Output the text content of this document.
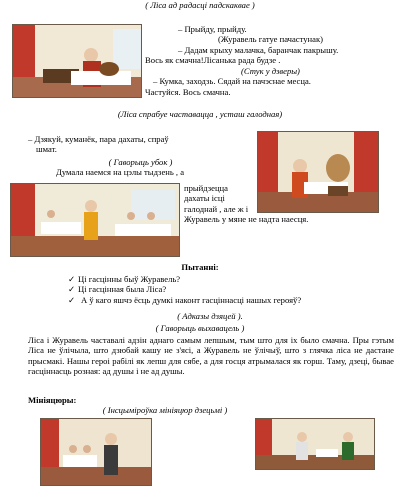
( Ліса ад радасці падскаквае )
– Прыйду, прыйду.
(Журавель гатуе пачастунак)
– Дадам крыху малачка, баранчак пакрышу.
Вось як смачна!Лісанька рада будзе .
(Стук у дзверы)
– Кумка, заходзь. Сядай на пачэснае месца.
Частуйся. Вось смачна.
(Ліса спрабуе частавацца , усташ галодная)
– Дзякуй, куманёк, пара дахаты, спраў
шмат.
( Гаворыць убок )
Думала наемся на цэлы тыдзень , а
прыйдзецца
дахаты ісці
галоднай , але ж і
Журавель у мяне не надта наесця.
Пытанні:
✓ Ці гасцінны быў Журавель?
✓ Ці гасцінная была Ліса?
✓ А ў каго яшчэ ёсць думкі наконт гасціннасці нашых герояў?
( Адказы дзяцей ).
( Гаворыць выхавацель )
Ліса і Журавель частавалі адзін аднаго самым лепшым, тым што для іх было смачна. Пры гэтым Ліса не ўлічыла, што дзюбай кашу не з'ясі, а Журавель не ўлічыў, што з глячка ліса не дастане прысмакі. Нашы героі рабілі як лепш для сябе, а для госця атрымалася як горш. Таму, дзеці, бывае гасціннасць розная: ад душы і не ад душы.
Мініяцюры:
( Інсцыміроўка мініяцюр дзецьмі )
